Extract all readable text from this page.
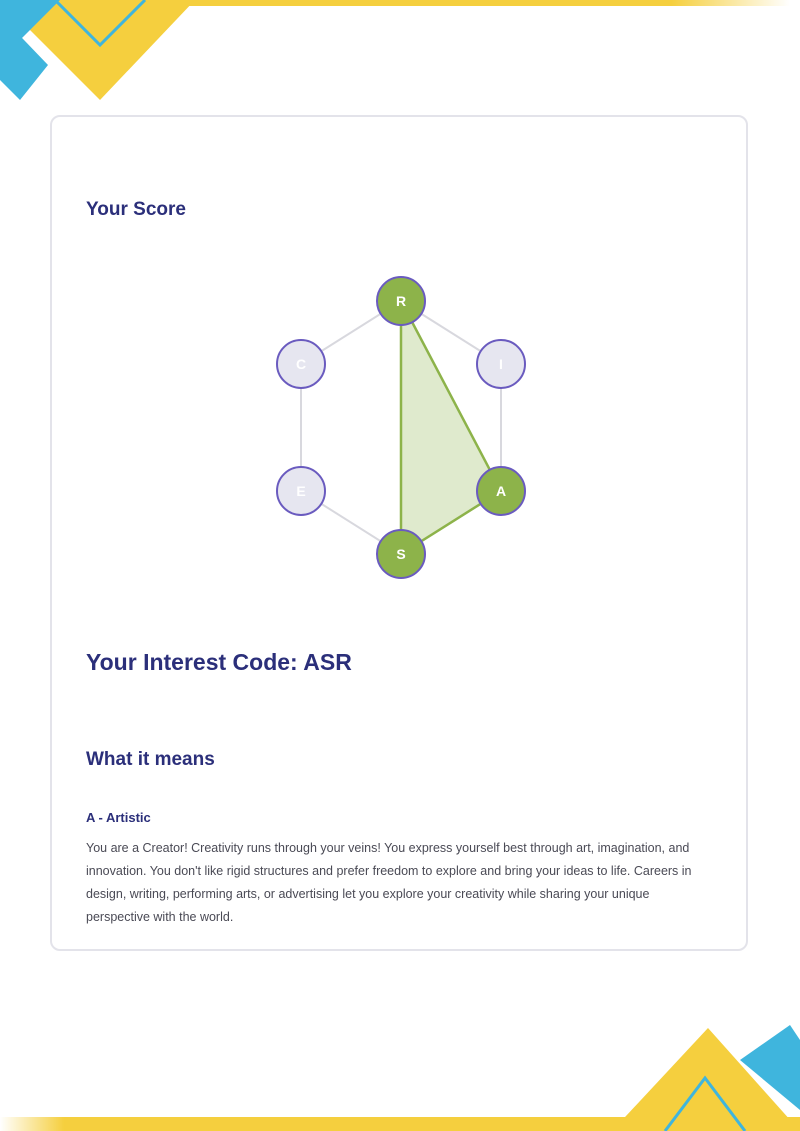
Your Score
R
I
A
S
E
C
Your Interest Code: ASR
What it means
A - Artistic

You are a Creator! Creativity runs through your veins! You express yourself best through art, imagination, and innovation. You don't like rigid structures and prefer freedom to explore and bring your ideas to life. Careers in design, writing, performing arts, or advertising let you explore your creativity while sharing your unique perspective with the world.
